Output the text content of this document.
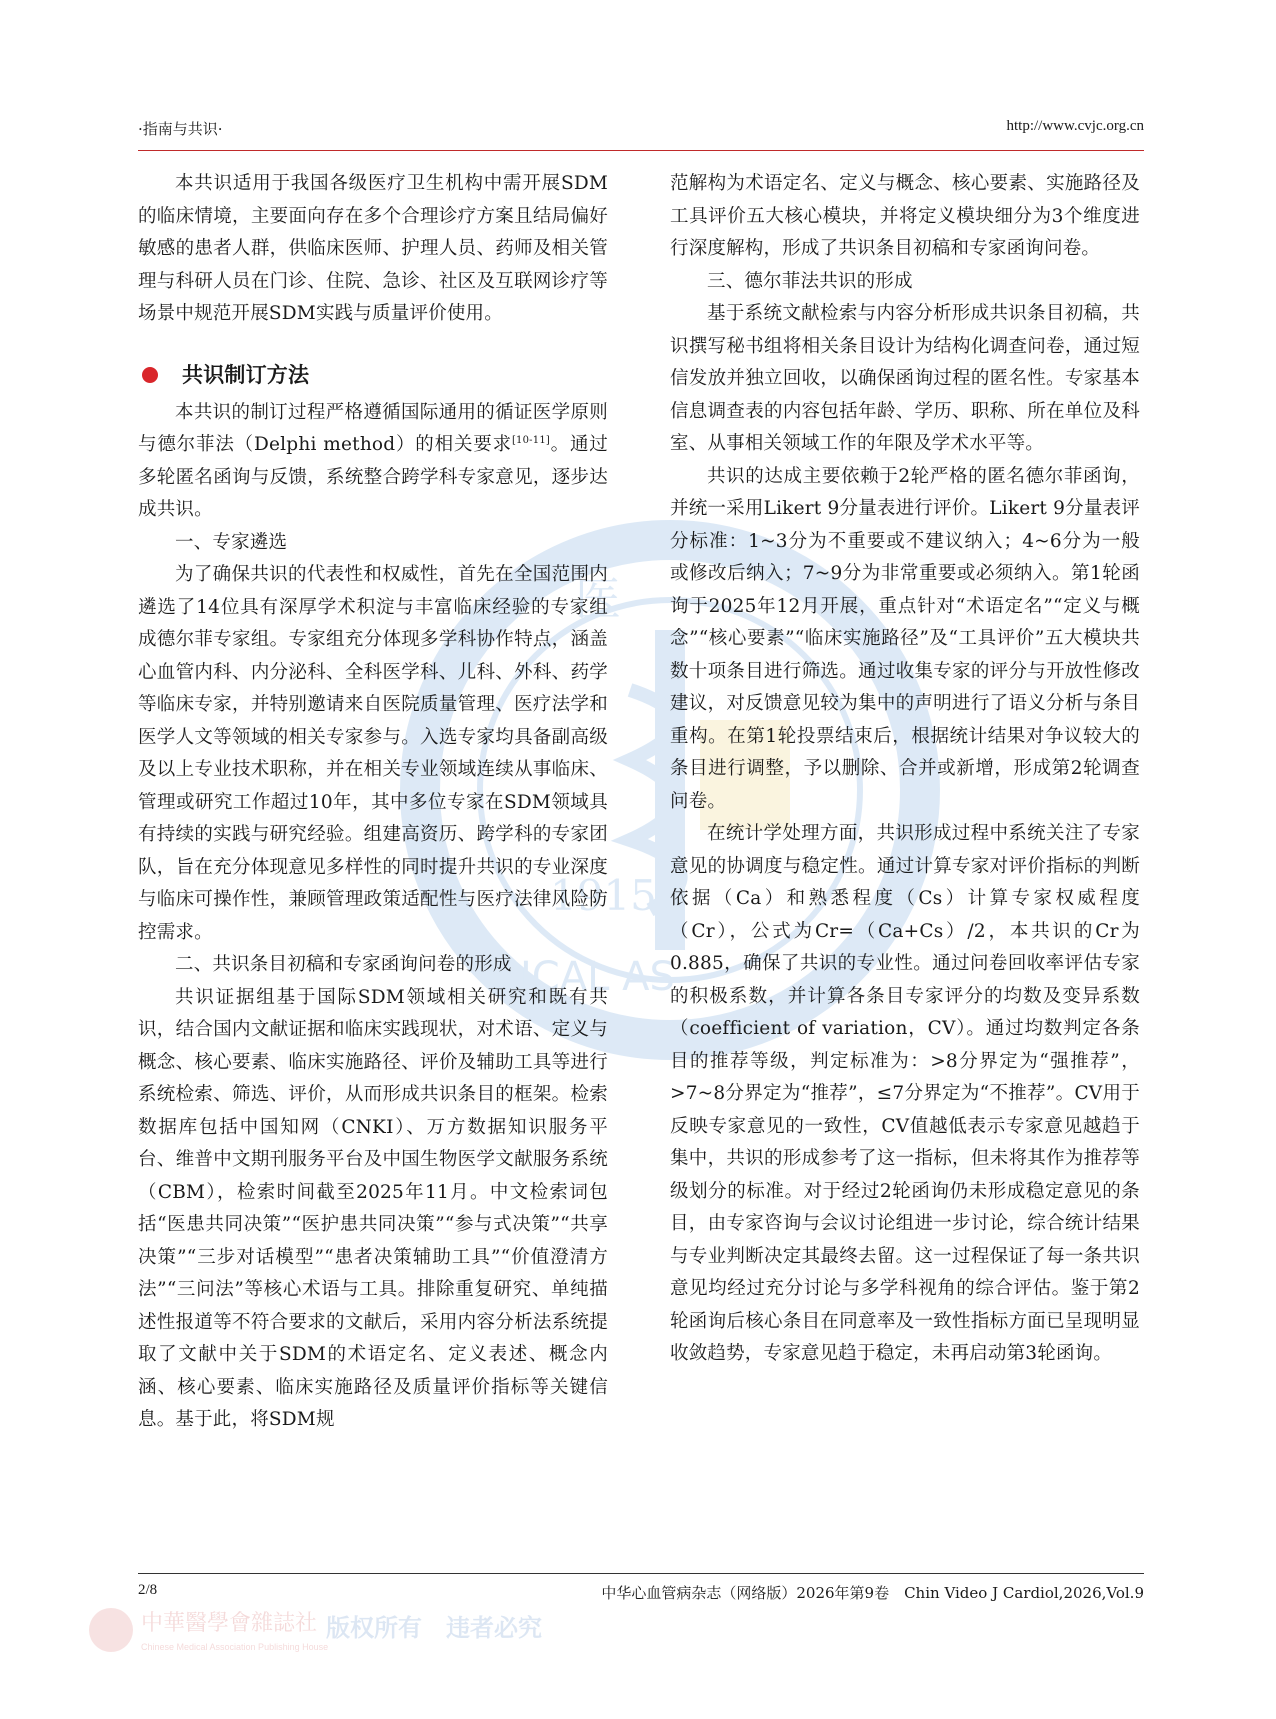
·指南与共识·	http://www.cvjc.org.cn
医
1915
ICAL AS

本共识适用于我国各级医疗卫生机构中需开展SDM的临床情境，主要面向存在多个合理诊疗方案且结局偏好敏感的患者人群，供临床医师、护理人员、药师及相关管理与科研人员在门诊、住院、急诊、社区及互联网诊疗等场景中规范开展SDM实践与质量评价使用。

共识制订方法

本共识的制订过程严格遵循国际通用的循证医学原则与德尔菲法（Delphi method）的相关要求[10-11]。通过多轮匿名函询与反馈，系统整合跨学科专家意见，逐步达成共识。

一、专家遴选

为了确保共识的代表性和权威性，首先在全国范围内遴选了14位具有深厚学术积淀与丰富临床经验的专家组成德尔菲专家组。专家组充分体现多学科协作特点，涵盖心血管内科、内分泌科、全科医学科、儿科、外科、药学等临床专家，并特别邀请来自医院质量管理、医疗法学和医学人文等领域的相关专家参与。入选专家均具备副高级及以上专业技术职称，并在相关专业领域连续从事临床、管理或研究工作超过10年，其中多位专家在SDM领域具有持续的实践与研究经验。组建高资历、跨学科的专家团队，旨在充分体现意见多样性的同时提升共识的专业深度与临床可操作性，兼顾管理政策适配性与医疗法律风险防控需求。

二、共识条目初稿和专家函询问卷的形成

共识证据组基于国际SDM领域相关研究和既有共识，结合国内文献证据和临床实践现状，对术语、定义与概念、核心要素、临床实施路径、评价及辅助工具等进行系统检索、筛选、评价，从而形成共识条目的框架。检索数据库包括中国知网（CNKI）、万方数据知识服务平台、维普中文期刊服务平台及中国生物医学文献服务系统（CBM），检索时间截至2025年11月。中文检索词包括“医患共同决策”“医护患共同决策”“参与式决策”“共享决策”“三步对话模型”“患者决策辅助工具”“价值澄清方法”“三问法”等核心术语与工具。排除重复研究、单纯描述性报道等不符合要求的文献后，采用内容分析法系统提取了文献中关于SDM的术语定名、定义表述、概念内涵、核心要素、临床实施路径及质量评价指标等关键信息。基于此，将SDM规

范解构为术语定名、定义与概念、核心要素、实施路径及工具评价五大核心模块，并将定义模块细分为3个维度进行深度解构，形成了共识条目初稿和专家函询问卷。

三、德尔菲法共识的形成

基于系统文献检索与内容分析形成共识条目初稿，共识撰写秘书组将相关条目设计为结构化调查问卷，通过短信发放并独立回收，以确保函询过程的匿名性。专家基本信息调查表的内容包括年龄、学历、职称、所在单位及科室、从事相关领域工作的年限及学术水平等。

共识的达成主要依赖于2轮严格的匿名德尔菲函询，并统一采用Likert 9分量表进行评价。Likert 9分量表评分标准：1~3分为不重要或不建议纳入；4~6分为一般或修改后纳入；7~9分为非常重要或必须纳入。第1轮函询于2025年12月开展，重点针对“术语定名”“定义与概念”“核心要素”“临床实施路径”及“工具评价”五大模块共数十项条目进行筛选。通过收集专家的评分与开放性修改建议，对反馈意见较为集中的声明进行了语义分析与条目重构。在第1轮投票结束后，根据统计结果对争议较大的条目进行调整，予以删除、合并或新增，形成第2轮调查问卷。

在统计学处理方面，共识形成过程中系统关注了专家意见的协调度与稳定性。通过计算专家对评价指标的判断依据（Ca）和熟悉程度（Cs）计算专家权威程度（Cr），公式为Cr=（Ca+Cs）/2，本共识的Cr为0.885，确保了共识的专业性。通过问卷回收率评估专家的积极系数，并计算各条目专家评分的均数及变异系数（coefficient of variation，CV）。通过均数判定各条目的推荐等级，判定标准为：>8分界定为“强推荐”，>7~8分界定为“推荐”，≤7分界定为“不推荐”。CV用于反映专家意见的一致性，CV值越低表示专家意见越趋于集中，共识的形成参考了这一指标，但未将其作为推荐等级划分的标准。对于经过2轮函询仍未形成稳定意见的条目，由专家咨询与会议讨论组进一步讨论，综合统计结果与专业判断决定其最终去留。这一过程保证了每一条共识意见均经过充分讨论与多学科视角的综合评估。鉴于第2轮函询后核心条目在同意率及一致性指标方面已呈现明显收敛趋势，专家意见趋于稳定，未再启动第3轮函询。

2/8	中华心血管病杂志（网络版）2026年第9卷　Chin Video J Cardiol,2026,Vol.9
中華醫學會雜誌社
Chinese Medical Association Publishing House
版权所有　违者必究
